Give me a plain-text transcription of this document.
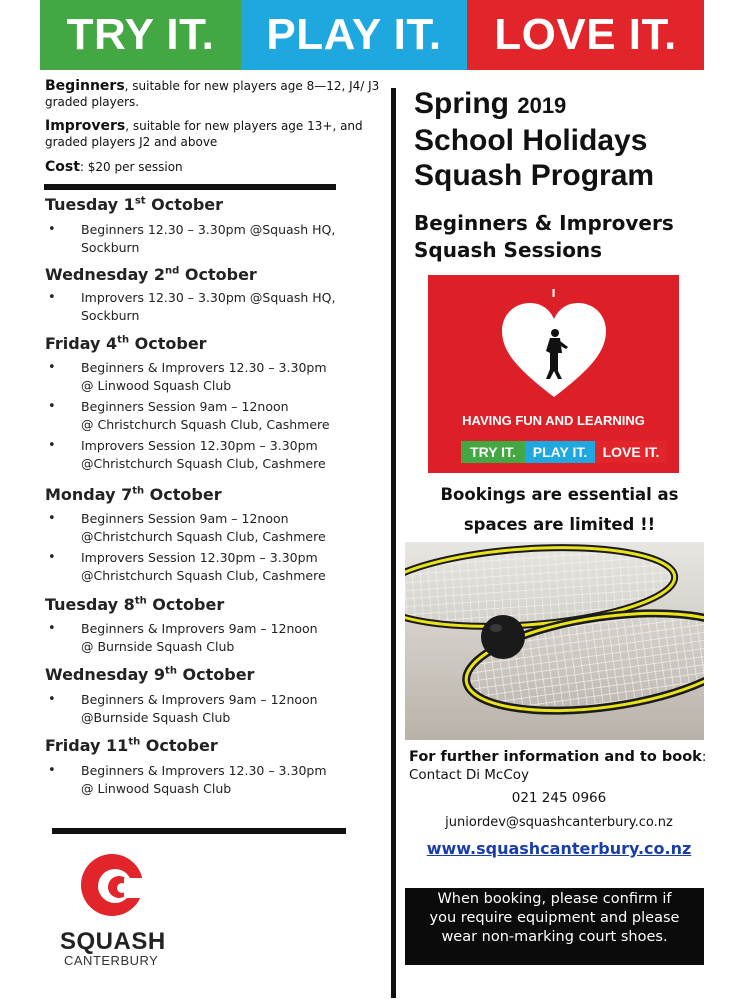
TRY IT.	PLAY IT.	LOVE IT.
Beginners, suitable for new players age 8—12, J4/ J3 graded players.
Improvers, suitable for new players age 13+, and graded players J2 and above
Cost: $20 per session
Tuesday 1st October
• Beginners 12.30 – 3.30pm @Squash HQ,
Sockburn
Wednesday 2nd October
• Improvers 12.30 – 3.30pm @Squash HQ,
Sockburn
Friday 4th October
• Beginners & Improvers 12.30 – 3.30pm
@ Linwood Squash Club
• Beginners Session 9am – 12noon
@ Christchurch Squash Club, Cashmere
• Improvers Session 12.30pm – 3.30pm
@Christchurch Squash Club, Cashmere
Monday 7th October
• Beginners Session 9am – 12noon
@Christchurch Squash Club, Cashmere
• Improvers Session 12.30pm – 3.30pm
@Christchurch Squash Club, Cashmere
Tuesday 8th October
• Beginners & Improvers 9am – 12noon
@ Burnside Squash Club
Wednesday 9th October
• Beginners & Improvers 9am – 12noon
@Burnside Squash Club
Friday 11th October
• Beginners & Improvers 12.30 – 3.30pm
@ Linwood Squash Club
SQUASH
CANTERBURY
Spring 2019
School Holidays
Squash Program
Beginners & Improvers
Squash Sessions
I
HAVING FUN AND LEARNING
TRY IT.	PLAY IT.	LOVE IT.
Bookings are essential as
spaces are limited !!
For further information and to book: Contact Di McCoy
021 245 0966
juniordev@squashcanterbury.co.nz
www.squashcanterbury.co.nz
When booking, please confirm if
you require equipment and please
wear non-marking court shoes.
